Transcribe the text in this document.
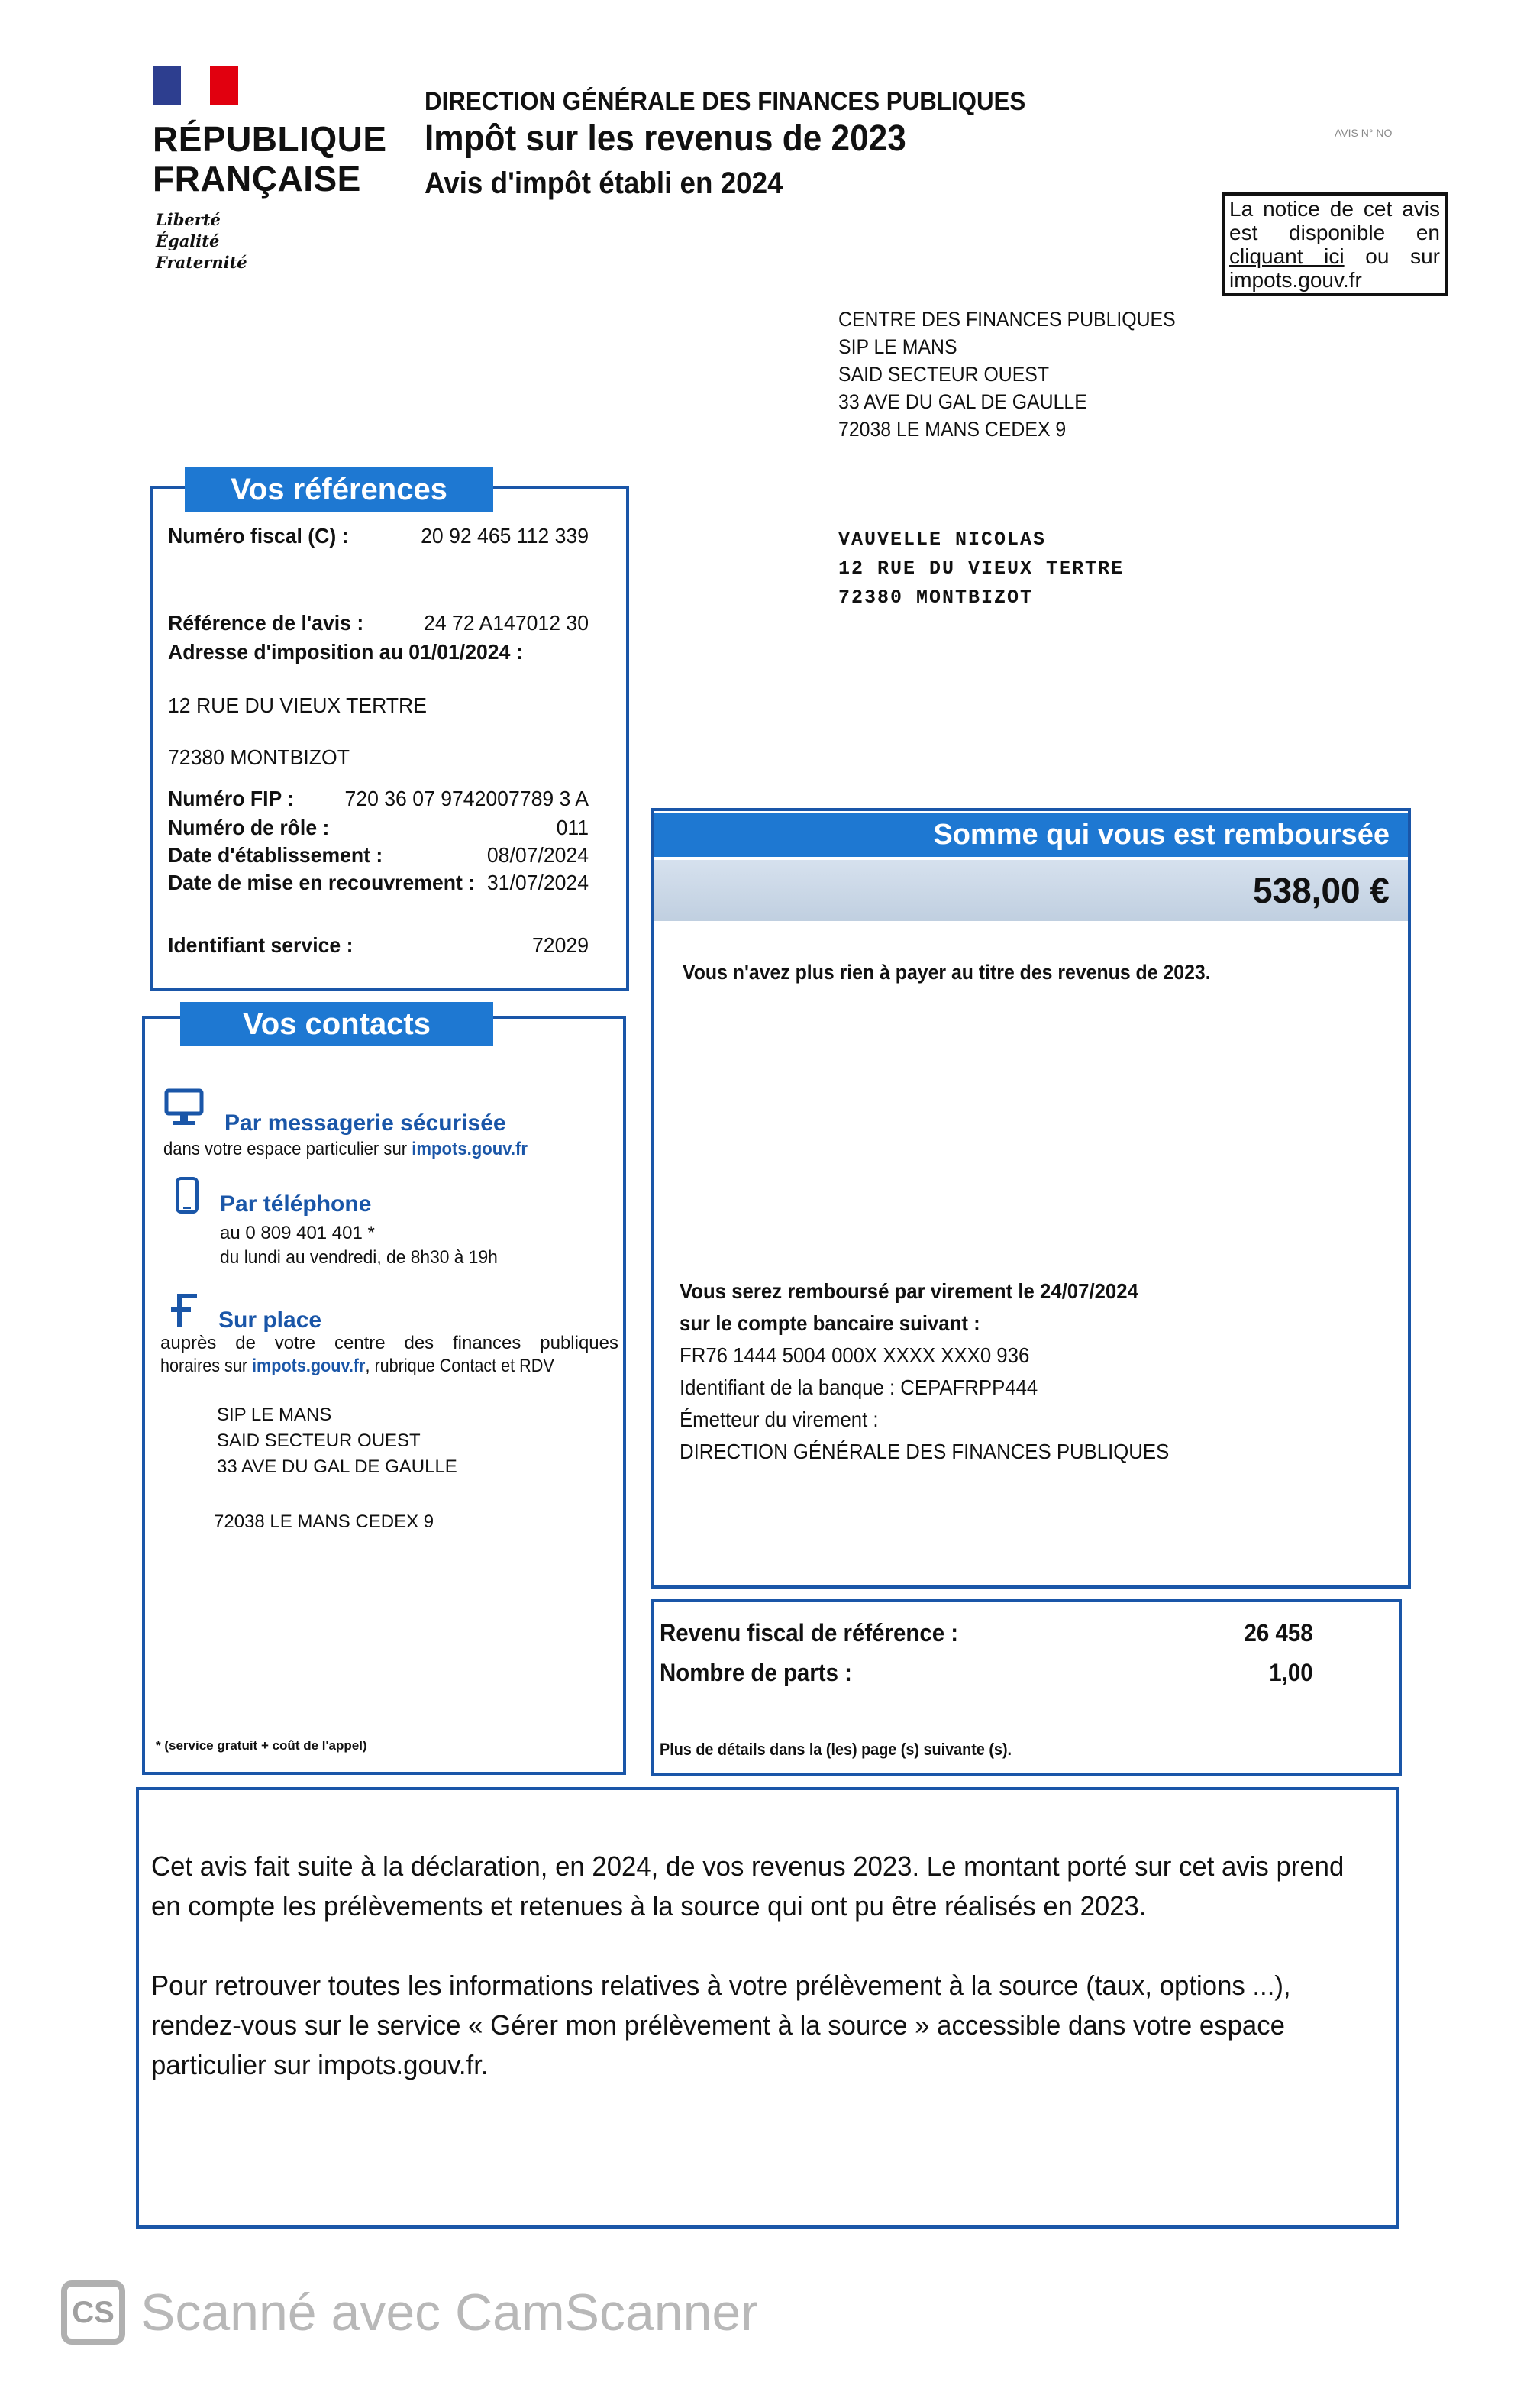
RÉPUBLIQUE
FRANÇAISE
Liberté
Égalité
Fraternité
DIRECTION GÉNÉRALE DES FINANCES PUBLIQUES
Impôt sur les revenus de 2023
Avis d'impôt établi en 2024
AVIS N° NO
La notice de cet avis est disponible en cliquant ici ou sur impots.gouv.fr
CENTRE DES FINANCES PUBLIQUES
SIP LE MANS
SAID SECTEUR OUEST
33 AVE DU GAL DE GAULLE
72038 LE MANS CEDEX 9
VAUVELLE NICOLAS
12 RUE DU VIEUX TERTRE
72380 MONTBIZOT
Vos références
Numéro fiscal (C) :	20 92 465 112 339
Référence de l'avis :	24 72 A147012 30
Adresse d'imposition au 01/01/2024 :
12 RUE DU VIEUX TERTRE
72380 MONTBIZOT
Numéro FIP : 720 36 07 9742007789 3 A
Numéro de rôle :	011
Date d'établissement :	08/07/2024
Date de mise en recouvrement : 31/07/2024
Identifiant service :	72029
Vos contacts
Par messagerie sécurisée
dans votre espace particulier sur impots.gouv.fr
Par téléphone
au 0 809 401 401 *
du lundi au vendredi, de 8h30 à 19h
Sur place
auprès de votre centre des finances publiques
horaires sur impots.gouv.fr, rubrique Contact et RDV
SIP LE MANS
SAID SECTEUR OUEST
33 AVE DU GAL DE GAULLE
72038 LE MANS CEDEX 9
* (service gratuit + coût de l'appel)
Somme qui vous est remboursée
538,00 €
Vous n'avez plus rien à payer au titre des revenus de 2023.
Vous serez remboursé par virement le 24/07/2024
sur le compte bancaire suivant :
FR76 1444 5004 000X XXXX XXX0 936
Identifiant de la banque : CEPAFRPP444
Émetteur du virement :
DIRECTION GÉNÉRALE DES FINANCES PUBLIQUES
Revenu fiscal de référence :	26 458
Nombre de parts :	1,00
Plus de détails dans la (les) page (s) suivante (s).
Cet avis fait suite à la déclaration, en 2024, de vos revenus 2023. Le montant porté sur cet avis prend en compte les prélèvements et retenues à la source qui ont pu être réalisés en 2023.
Pour retrouver toutes les informations relatives à votre prélèvement à la source (taux, options ...), rendez-vous sur le service « Gérer mon prélèvement à la source » accessible dans votre espace particulier sur impots.gouv.fr.
CS Scanné avec CamScanner
